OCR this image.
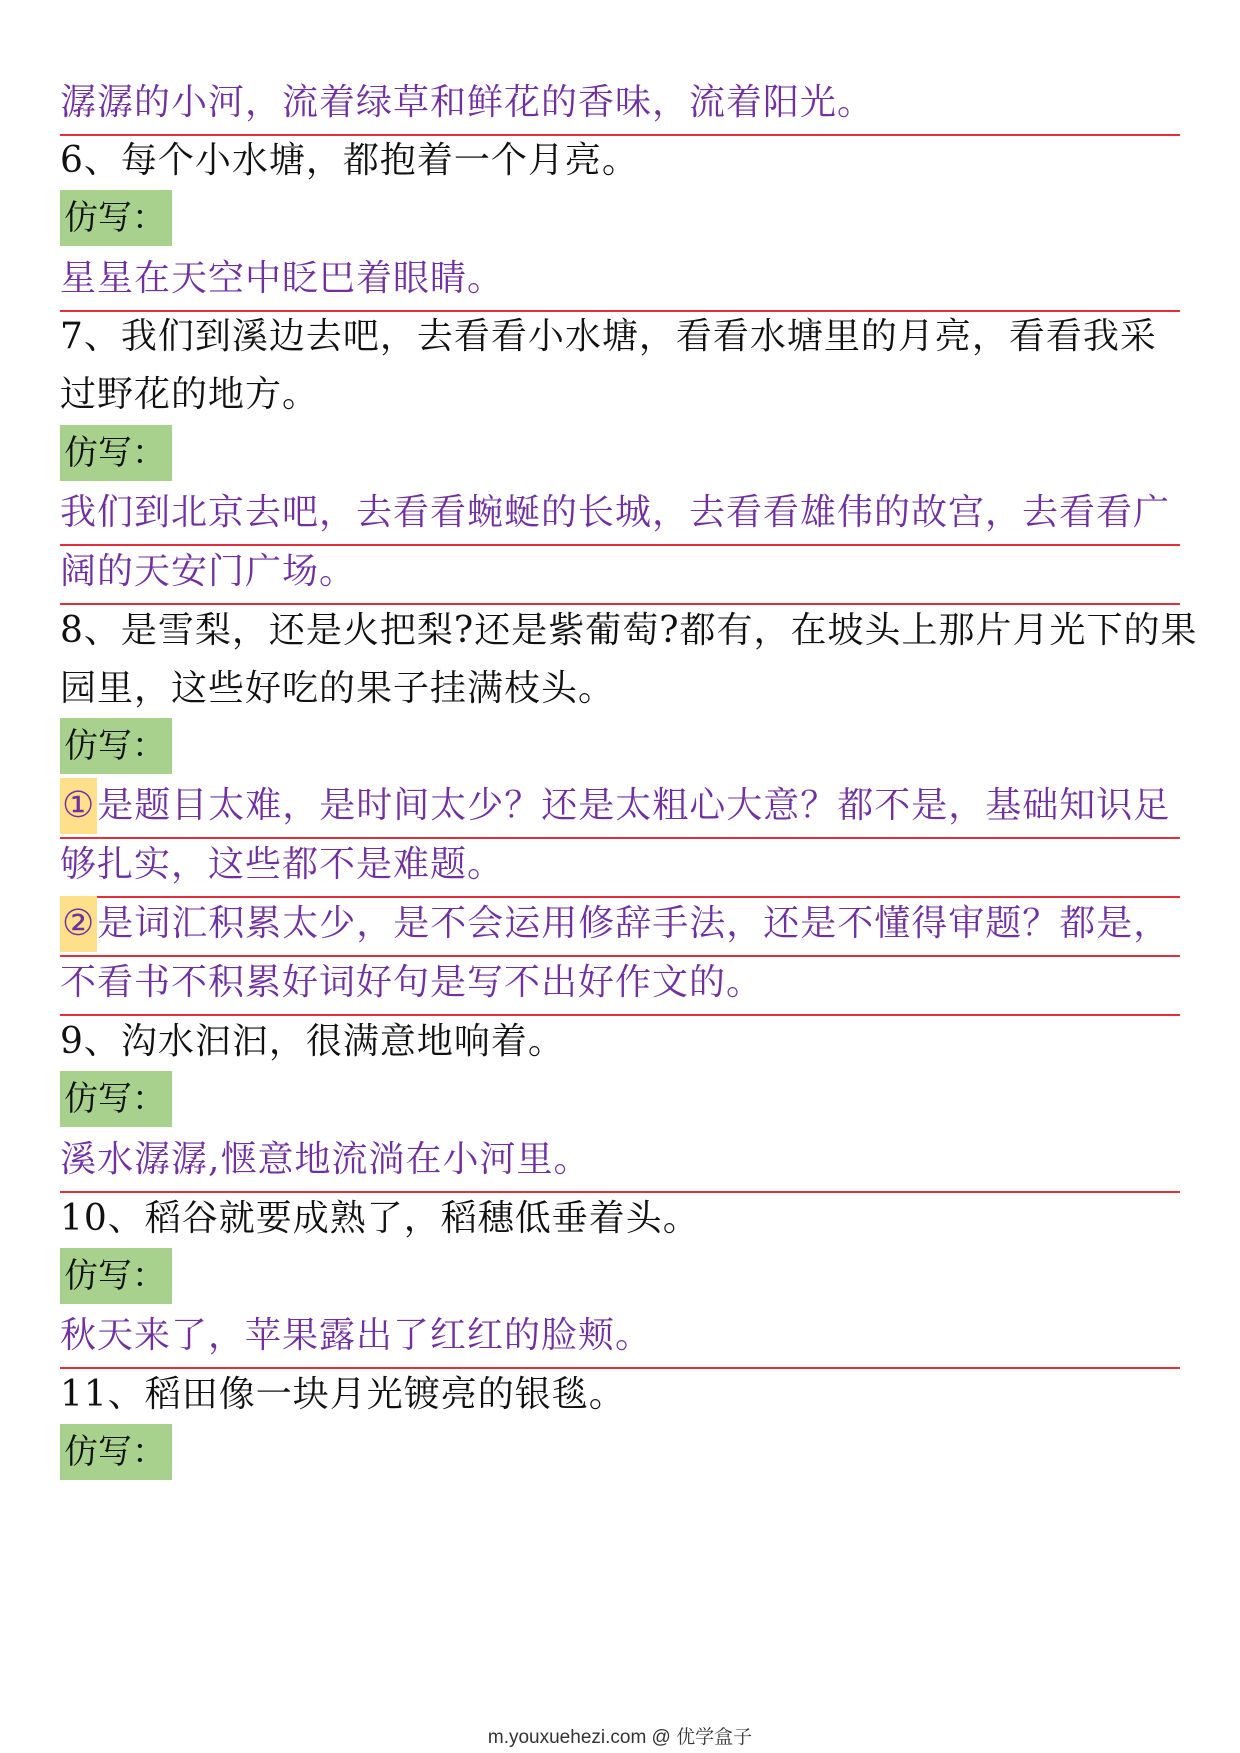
潺潺的小河，流着绿草和鲜花的香味，流着阳光。
6、每个小水塘，都抱着一个月亮。
仿写：
星星在天空中眨巴着眼睛。
7、我们到溪边去吧，去看看小水塘，看看水塘里的月亮，看看我采
过野花的地方。
仿写：
我们到北京去吧，去看看蜿蜒的长城，去看看雄伟的故宫，去看看广
阔的天安门广场。
8、是雪梨，还是火把梨?还是紫葡萄?都有，在坡头上那片月光下的果
园里，这些好吃的果子挂满枝头。
仿写：
①是题目太难，是时间太少？还是太粗心大意？都不是，基础知识足
够扎实，这些都不是难题。
②是词汇积累太少，是不会运用修辞手法，还是不懂得审题？都是，
不看书不积累好词好句是写不出好作文的。
9、沟水汩汩，很满意地响着。
仿写：
溪水潺潺,惬意地流淌在小河里。
10、稻谷就要成熟了，稻穗低垂着头。
仿写：
秋天来了，苹果露出了红红的脸颊。
11、稻田像一块月光镀亮的银毯。
仿写：
m.youxuehezi.com @ 优学盒子
